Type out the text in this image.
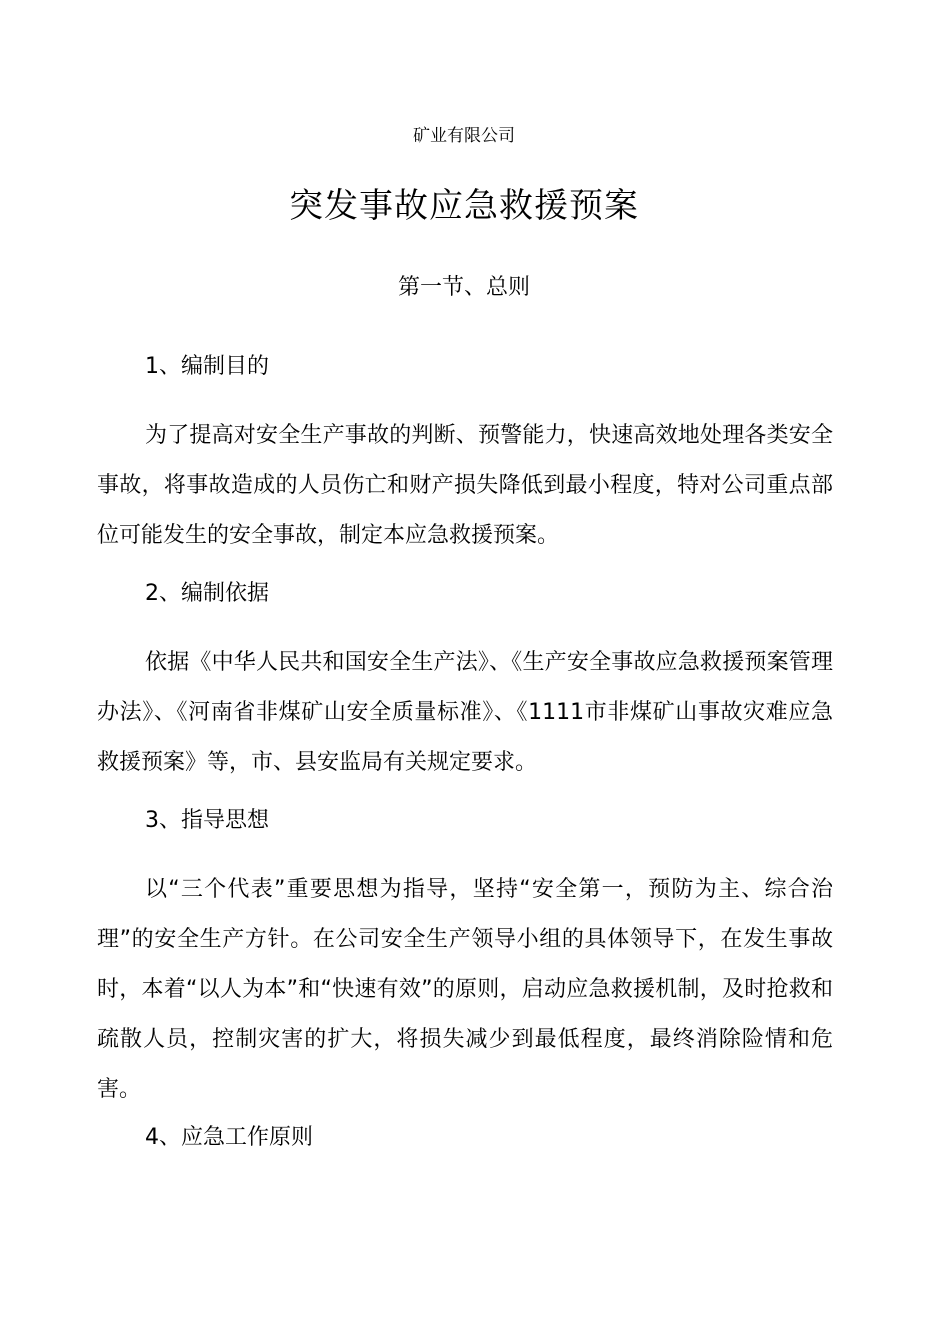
矿业有限公司
突发事故应急救援预案
第一节、总则
1、编制目的
为了提高对安全生产事故的判断、预警能力，快速高效地处理各类安全事故，将事故造成的人员伤亡和财产损失降低到最小程度，特对公司重点部位可能发生的安全事故，制定本应急救援预案。
2、编制依据
依据《中华人民共和国安全生产法》、《生产安全事故应急救援预案管理办法》、《河南省非煤矿山安全质量标准》、《1111市非煤矿山事故灾难应急救援预案》等，市、县安监局有关规定要求。
3、指导思想
以“三个代表”重要思想为指导，坚持“安全第一，预防为主、综合治理”的安全生产方针。在公司安全生产领导小组的具体领导下，在发生事故时，本着“以人为本”和“快速有效”的原则，启动应急救援机制，及时抢救和疏散人员，控制灾害的扩大，将损失减少到最低程度，最终消除险情和危害。
4、应急工作原则
